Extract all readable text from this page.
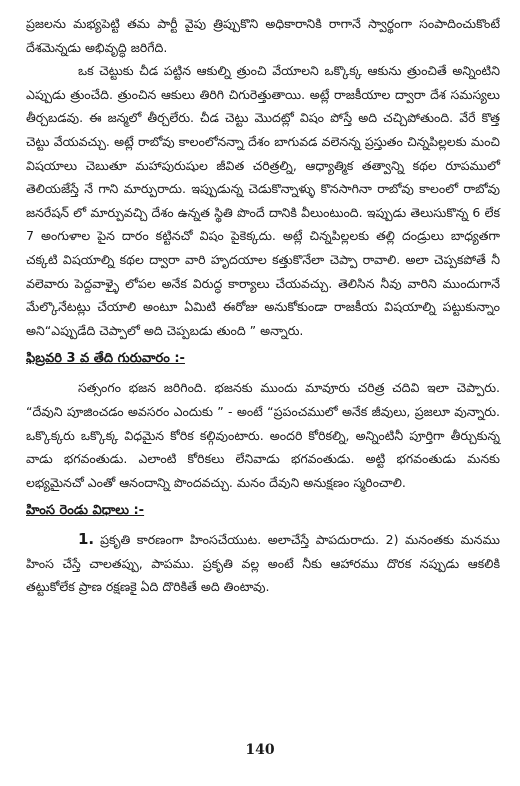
ప్రజలను మభ్యపెట్టి తమ పార్టీ వైపు త్రిప్పుకొని అధికారానికి రాగానే స్వార్థంగా సంపాదించుకొంటే దేశమెన్నడు అభివృద్ధి జరిగేది.

ఒక చెట్టుకు చీడ పట్టిన ఆకుల్ని త్రుంచి వేయాలని ఒక్కొక్క ఆకును త్రుంచితే అన్నింటిని ఎప్పుడు త్రుంచేది. త్రుంచిన ఆకులు తిరిగి చిగురెత్తుతాయి. అట్లే రాజకీయాల ద్వారా దేశ సమస్యలు తీర్చబడవు. ఈ జన్మలో తీర్చలేరు. చీడ చెట్టు మొదట్లో విషం పోస్తే అది చచ్చిపోతుంది. వేరే కొత్త చెట్టు వేయవచ్చు. అట్లే రాబోవు కాలంలోనన్నా దేశం బాగువడ వలెనన్న ప్రస్తుతం చిన్నపిల్లలకు మంచి విషయాలు చెబుతూ మహాపురుషుల జీవిత చరిత్రల్ని, ఆధ్యాత్మిక తత్వాన్ని కథల రూపములో తెలియజేస్తే నే గాని మార్పురాదు. ఇప్పుడున్న చెడుకొన్నాళ్ళు కొనసాగినా రాబోవు కాలంలో రాబోవు జనరేషన్ లో మార్పువచ్చి దేశం ఉన్నత స్థితి పొందే దానికి వీలుంటుంది. ఇప్పుడు తెలుసుకొన్న 6 లేక 7 అంగుళాల పైన దారం కట్టినచో విషం పైకెక్కదు. అట్లే చిన్నపిల్లలకు తల్లి దండ్రులు బాధ్యతగా చక్కటి విషయాల్ని కథల ద్వారా వారి హృదయాల కత్తుకొనేలా చెప్పా రావాలి. అలా చెప్పకపోతే నీ వలెవారు పెద్దవాళ్ళై లోపల అనేక విరుద్ధ కార్యాలు చేయవచ్చు. తెలిసిన నీవు వారిని ముందుగానే మేల్కొనేటట్లు చేయాలి అంటూ ఏమిటి ఈరోజు అనుకోకుండా రాజకీయ విషయాల్ని పట్టుకున్నాం అని“ఎప్పుడేది చెప్పాలో అది చెప్పబడు తుంది ” అన్నారు.

ఫిబ్రవరి 3 వ తేది గురువారం :-

సత్సంగం భజన జరిగింది. భజనకు ముందు మావూరు చరిత్ర చదివి ఇలా చెప్పారు. “దేవుని పూజించడం అవసరం ఎందుకు ” - అంటే “ప్రపంచములో అనేక జీవులు, ప్రజలూ వున్నారు. ఒక్కొక్కరు ఒక్కొక్క విధమైన కోరిక కల్గివుంటారు. అందరి కోరికల్ని, అన్నింటినీ పూర్తిగా తీర్చుకున్న వాడు భగవంతుడు. ఎలాంటి కోరికలు లేనివాడు భగవంతుడు. అట్టి భగవంతుడు మనకు లభ్యమైనచో ఎంతో ఆనందాన్ని పొందవచ్చు. మనం దేవుని అనుక్షణం స్మరించాలి.

హింస రెండు విధాలు :-

1. ప్రకృతి కారణంగా హింసచేయుట. అలాచేస్తే పాపదురాదు. 2) మనంతకు మనము హింస చేస్తే చాలతప్పు, పాపము. ప్రకృతి వల్ల అంటే నీకు ఆహారము దొరక నప్పుడు ఆకలికి తట్టుకోలేక ప్రాణ రక్షణకై ఏది దొరికితే అది తింటావు.

140
